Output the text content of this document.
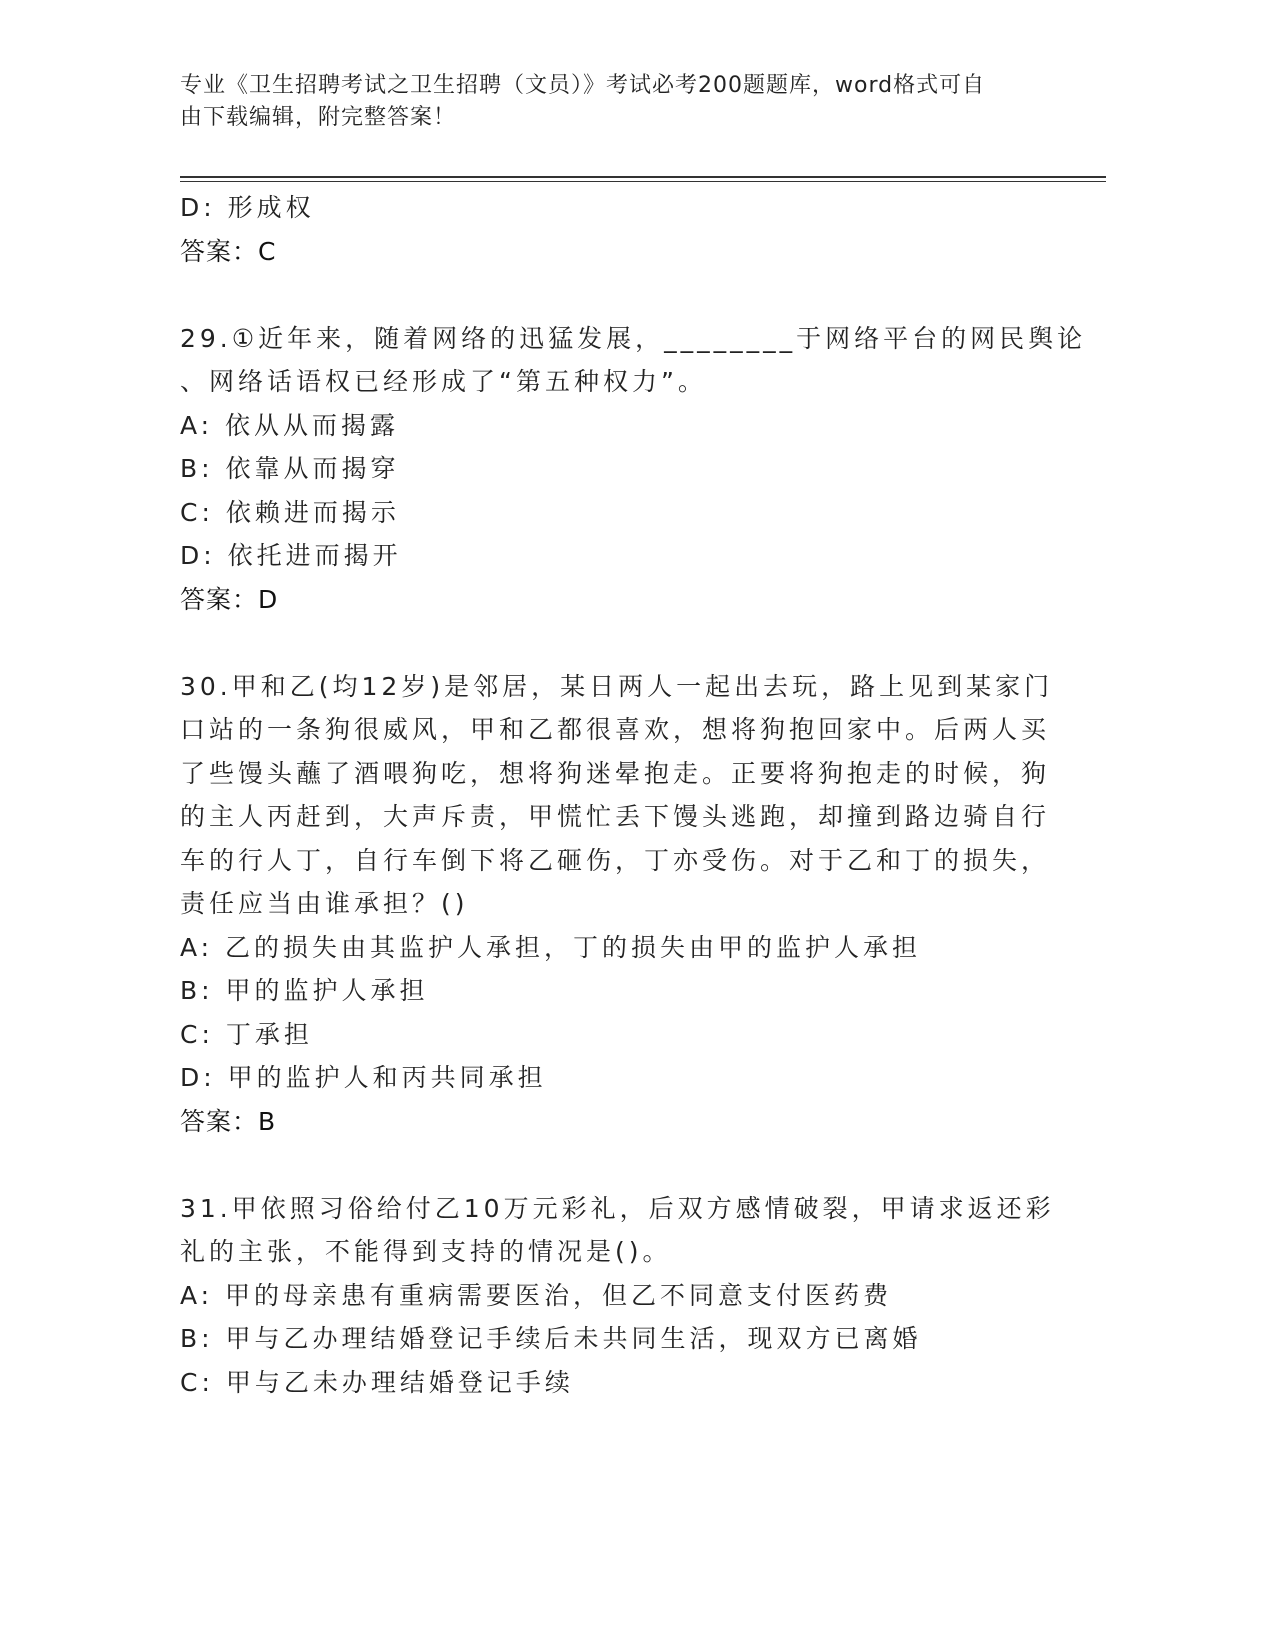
专业《卫生招聘考试之卫生招聘（文员）》考试必考200题题库，word格式可自
由下载编辑，附完整答案！
D: 形成权
答案：C
29.①近年来，随着网络的迅猛发展，________于网络平台的网民舆论
、网络话语权已经形成了“第五种权力”。
A: 依从从而揭露
B: 依靠从而揭穿
C: 依赖进而揭示
D: 依托进而揭开
答案：D
30.甲和乙(均12岁)是邻居，某日两人一起出去玩，路上见到某家门
口站的一条狗很威风，甲和乙都很喜欢，想将狗抱回家中。后两人买
了些馒头蘸了酒喂狗吃，想将狗迷晕抱走。正要将狗抱走的时候，狗
的主人丙赶到，大声斥责，甲慌忙丢下馒头逃跑，却撞到路边骑自行
车的行人丁，自行车倒下将乙砸伤，丁亦受伤。对于乙和丁的损失，
责任应当由谁承担？()
A: 乙的损失由其监护人承担，丁的损失由甲的监护人承担
B: 甲的监护人承担
C: 丁承担
D: 甲的监护人和丙共同承担
答案：B
31.甲依照习俗给付乙10万元彩礼，后双方感情破裂，甲请求返还彩
礼的主张，不能得到支持的情况是()。
A: 甲的母亲患有重病需要医治，但乙不同意支付医药费
B: 甲与乙办理结婚登记手续后未共同生活，现双方已离婚
C: 甲与乙未办理结婚登记手续
